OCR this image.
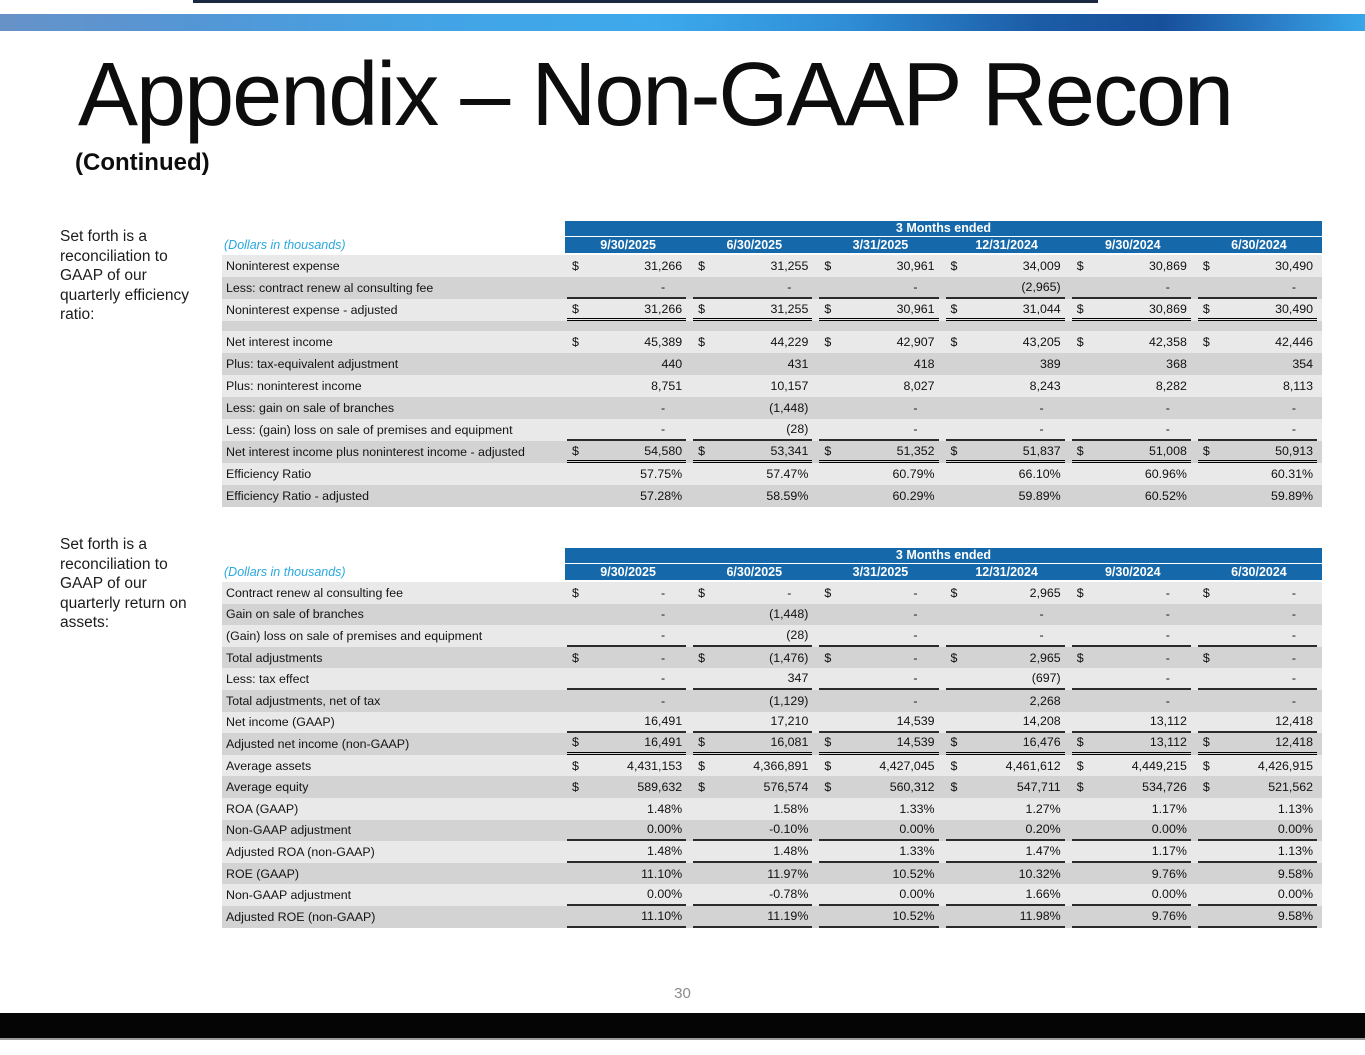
Appendix – Non-GAAP Recon
(Continued)
Set forth is a reconciliation to GAAP of our quarterly efficiency ratio:
Set forth is a reconciliation to GAAP of our quarterly return on assets:
(Dollars in thousands)
3 Months ended
9/30/2025	6/30/2025	3/31/2025	12/31/2024	9/30/2024	6/30/2024
Noninterest expense	$	31,266 $	31,255 $	30,961 $	34,009 $	30,869 $	30,490
Less: contract renew al consulting fee	-	-	-	(2,965)	-	-
Noninterest expense - adjusted	$	31,266 $	31,255 $	30,961 $	31,044 $	30,869 $	30,490
Net interest income	$	45,389 $	44,229 $	42,907 $	43,205 $	42,358 $	42,446
Plus: tax-equivalent adjustment	440	431	418	389	368	354
Plus: noninterest income	8,751	10,157	8,027	8,243	8,282	8,113
Less: gain on sale of branches	-	(1,448)	-	-	-	-
Less: (gain) loss on sale of premises and equipment	-	(28)	-	-	-	-
Net interest income plus noninterest income - adjusted	$	54,580 $	53,341 $	51,352 $	51,837 $	51,008 $	50,913
Efficiency Ratio	57.75%	57.47%	60.79%	66.10%	60.96%	60.31%
Efficiency Ratio - adjusted	57.28%	58.59%	60.29%	59.89%	60.52%	59.89%
(Dollars in thousands)
3 Months ended
9/30/2025	6/30/2025	3/31/2025	12/31/2024	9/30/2024	6/30/2024
Contract renew al consulting fee	$	-	$	-	$	-	$	2,965 $	-	$	-
Gain on sale of branches	-	(1,448)	-	-	-	-
(Gain) loss on sale of premises and equipment	-	(28)	-	-	-	-
Total adjustments	$	-	$	(1,476) $	-	$	2,965 $	-	$	-
Less: tax effect	-	347	-	(697)	-	-
Total adjustments, net of tax	-	(1,129)	-	2,268	-	-
Net income (GAAP)	16,491	17,210	14,539	14,208	13,112	12,418
Adjusted net income (non-GAAP)	$	16,491 $	16,081 $	14,539 $	16,476 $	13,112 $	12,418
Average assets	$	4,431,153 $	4,366,891 $	4,427,045 $	4,461,612 $	4,449,215 $	4,426,915
Average equity	$	589,632 $	576,574 $	560,312 $	547,711 $	534,726 $	521,562
ROA (GAAP)	1.48%	1.58%	1.33%	1.27%	1.17%	1.13%
Non-GAAP adjustment	0.00%	-0.10%	0.00%	0.20%	0.00%	0.00%
Adjusted ROA (non-GAAP)	1.48%	1.48%	1.33%	1.47%	1.17%	1.13%
ROE (GAAP)	11.10%	11.97%	10.52%	10.32%	9.76%	9.58%
Non-GAAP adjustment	0.00%	-0.78%	0.00%	1.66%	0.00%	0.00%
Adjusted ROE (non-GAAP)	11.10%	11.19%	10.52%	11.98%	9.76%	9.58%
30
